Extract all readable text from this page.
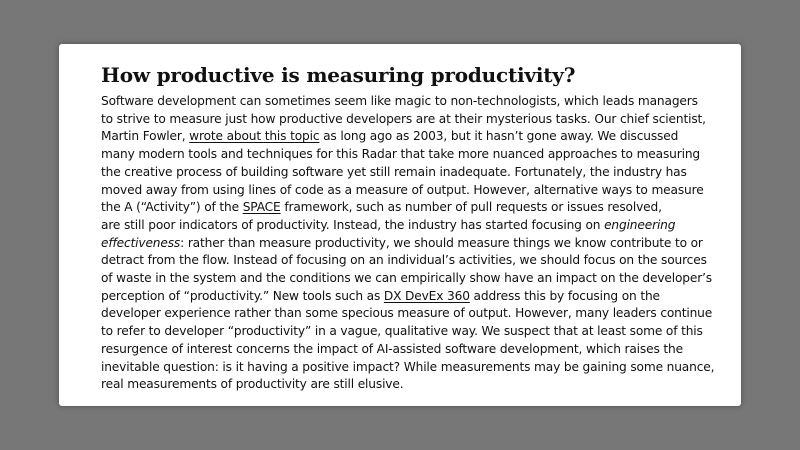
How productive is measuring productivity?
Software development can sometimes seem like magic to non-technologists, which leads managers
to strive to measure just how productive developers are at their mysterious tasks. Our chief scientist,
Martin Fowler, wrote about this topic as long ago as 2003, but it hasn’t gone away. We discussed
many modern tools and techniques for this Radar that take more nuanced approaches to measuring
the creative process of building software yet still remain inadequate. Fortunately, the industry has
moved away from using lines of code as a measure of output. However, alternative ways to measure
the A (“Activity”) of the SPACE framework, such as number of pull requests or issues resolved,
are still poor indicators of productivity. Instead, the industry has started focusing on engineering
effectiveness: rather than measure productivity, we should measure things we know contribute to or
detract from the flow. Instead of focusing on an individual’s activities, we should focus on the sources
of waste in the system and the conditions we can empirically show have an impact on the developer’s
perception of “productivity.” New tools such as DX DevEx 360 address this by focusing on the
developer experience rather than some specious measure of output. However, many leaders continue
to refer to developer “productivity” in a vague, qualitative way. We suspect that at least some of this
resurgence of interest concerns the impact of AI-assisted software development, which raises the
inevitable question: is it having a positive impact? While measurements may be gaining some nuance,
real measurements of productivity are still elusive.
